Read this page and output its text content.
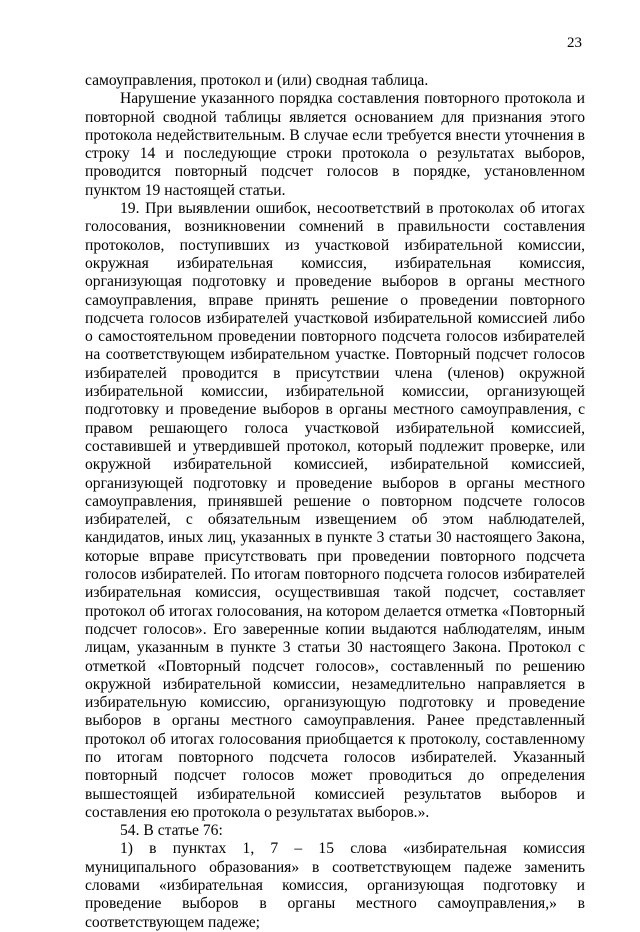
23

самоуправления, протокол и (или) сводная таблица.

Нарушение указанного порядка составления повторного протокола и повторной сводной таблицы является основанием для признания этого протокола недействительным. В случае если требуется внести уточнения в строку 14 и последующие строки протокола о результатах выборов, проводится повторный подсчет голосов в порядке, установленном пунктом 19 настоящей статьи.

19. При выявлении ошибок, несоответствий в протоколах об итогах голосования, возникновении сомнений в правильности составления протоколов, поступивших из участковой избирательной комиссии, окружная избирательная комиссия, избирательная комиссия, организующая подготовку и проведение выборов в органы местного самоуправления, вправе принять решение о проведении повторного подсчета голосов избирателей участковой избирательной комиссией либо о самостоятельном проведении повторного подсчета голосов избирателей на соответствующем избирательном участке. Повторный подсчет голосов избирателей проводится в присутствии члена (членов) окружной избирательной комиссии, избирательной комиссии, организующей подготовку и проведение выборов в органы местного самоуправления, с правом решающего голоса участковой избирательной комиссией, составившей и утвердившей протокол, который подлежит проверке, или окружной избирательной комиссией, избирательной комиссией, организующей подготовку и проведение выборов в органы местного самоуправления, принявшей решение о повторном подсчете голосов избирателей, с обязательным извещением об этом наблюдателей, кандидатов, иных лиц, указанных в пункте 3 статьи 30 настоящего Закона, которые вправе присутствовать при проведении повторного подсчета голосов избирателей. По итогам повторного подсчета голосов избирателей избирательная комиссия, осуществившая такой подсчет, составляет протокол об итогах голосования, на котором делается отметка «Повторный подсчет голосов». Его заверенные копии выдаются наблюдателям, иным лицам, указанным в пункте 3 статьи 30 настоящего Закона. Протокол с отметкой «Повторный подсчет голосов», составленный по решению окружной избирательной комиссии, незамедлительно направляется в избирательную комиссию, организующую подготовку и проведение выборов в органы местного самоуправления. Ранее представленный протокол об итогах голосования приобщается к протоколу, составленному по итогам повторного подсчета голосов избирателей. Указанный повторный подсчет голосов может проводиться до определения вышестоящей избирательной комиссией результатов выборов и составления ею протокола о результатах выборов.».

54. В статье 76:

1) в пунктах 1, 7 – 15 слова «избирательная комиссия муниципального образования» в соответствующем падеже заменить словами «избирательная комиссия, организующая подготовку и проведение выборов в органы местного самоуправления,» в соответствующем падеже;
